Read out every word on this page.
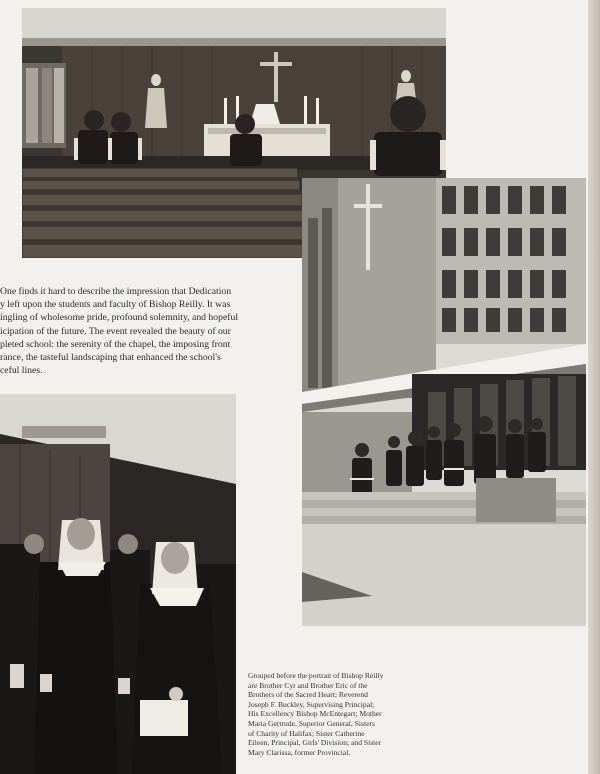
One finds it hard to describe the impression that Dedication
y left upon the students and faculty of Bishop Reilly. It was
ingling of wholesome pride, profound solemnity, and hopeful
icipation of the future. The event revealed the beauty of our
pleted school: the serenity of the chapel, the imposing front
rance, the tasteful landscaping that enhanced the school's
ceful lines.

Grouped before the portrait of Bishop Reilly
are Brother Cyr and Brother Eric of the
Brothers of the Sacred Heart; Reverend
Joseph F. Buckley, Supervising Principal;
His Excellency Bishop McEntegart; Mother
Maria Gertrude, Superior General, Sisters
of Charity of Halifax; Sister Catherine
Eileen, Principal, Girls' Division; and Sister
Mary Clarissa, former Provincial.
